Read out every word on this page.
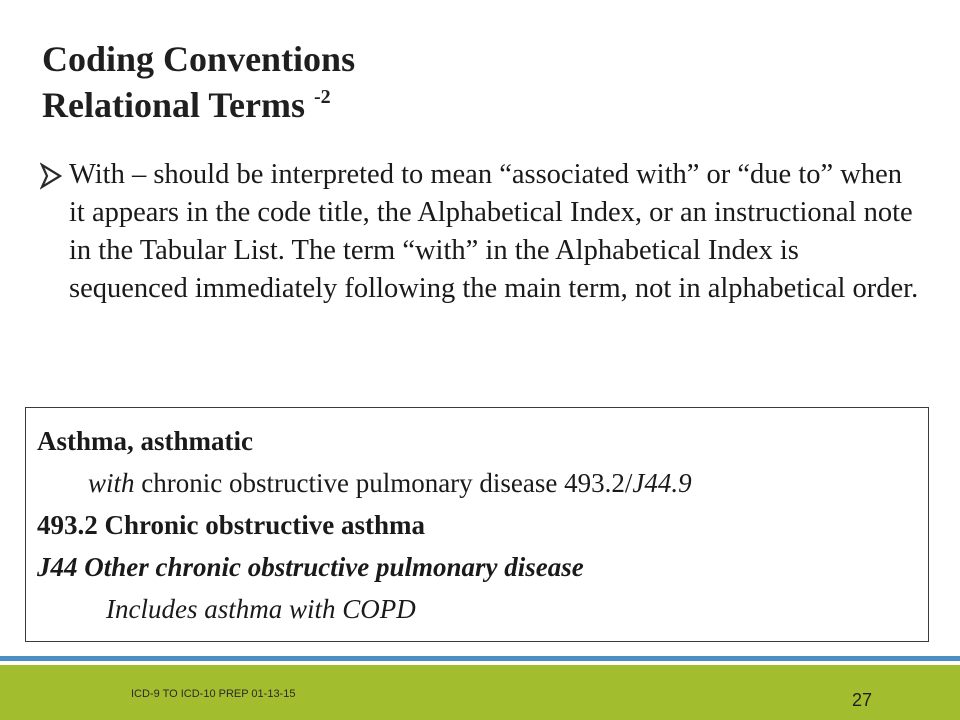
Coding Conventions
Relational Terms $^{-2}$
With – should be interpreted to mean “associated with” or “due to” when it appears in the code title, the Alphabetical Index, or an instructional note in the Tabular List. The term “with” in the Alphabetical Index is sequenced immediately following the main term, not in alphabetical order.
Asthma, asthmatic
with chronic obstructive pulmonary disease 493.2/J44.9
493.2 Chronic obstructive asthma
J44 Other chronic obstructive pulmonary disease
Includes asthma with COPD
ICD-9 TO ICD-10 PREP 01-13-15	27
